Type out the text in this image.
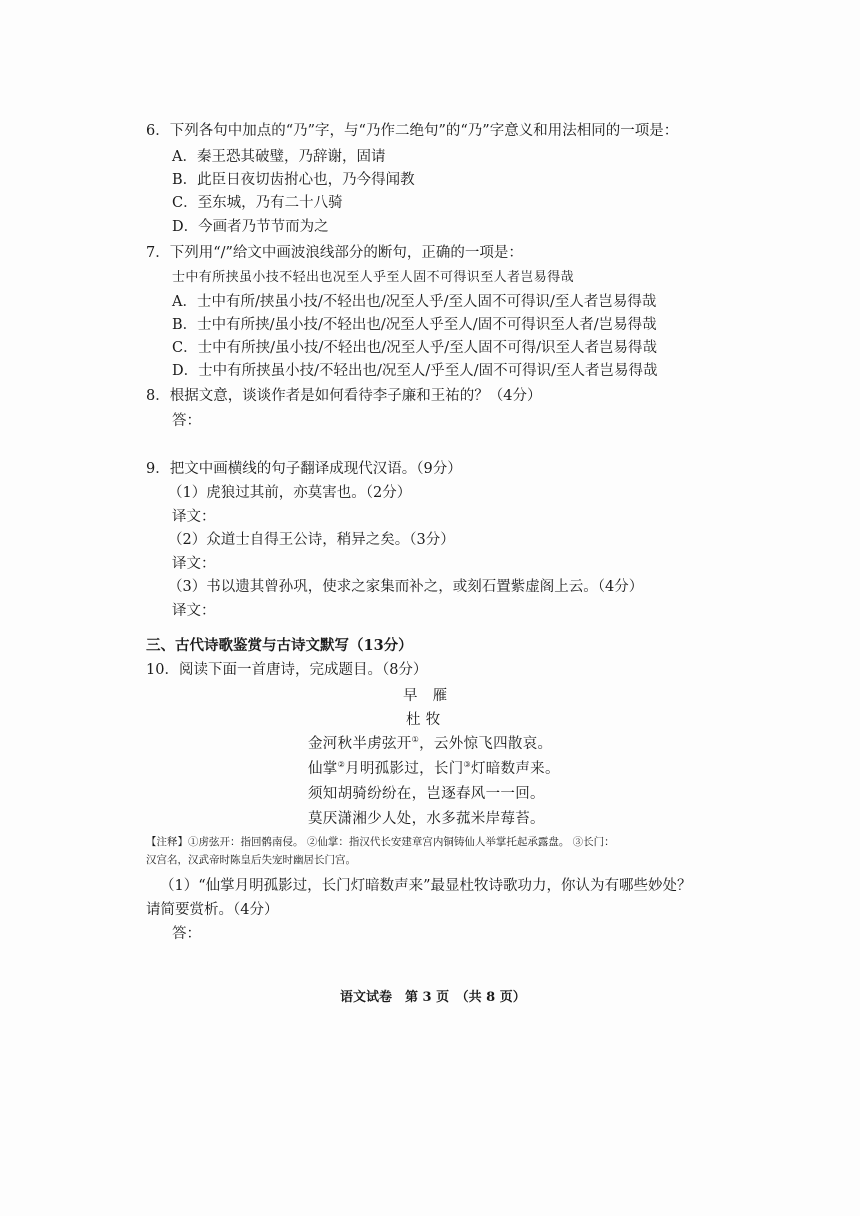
6．下列各句中加点的“乃”字，与“乃作二绝句”的“乃”字意义和用法相同的一项是：
A．秦王恐其破璧，乃辞谢，固请
B．此臣日夜切齿拊心也，乃今得闻教
C．至东城，乃有二十八骑
D．今画者乃节节而为之
7．下列用“/”给文中画波浪线部分的断句，正确的一项是：
士中有所挟虽小技不轻出也况至人乎至人固不可得识至人者岂易得哉
A．士中有所/挟虽小技/不轻出也/况至人乎/至人固不可得识/至人者岂易得哉
B．士中有所挟/虽小技/不轻出也/况至人乎至人/固不可得识至人者/岂易得哉
C．士中有所挟/虽小技/不轻出也/况至人乎/至人固不可得/识至人者岂易得哉
D．士中有所挟虽小技/不轻出也/况至人/乎至人/固不可得识/至人者岂易得哉
8．根据文意，谈谈作者是如何看待李子廉和王祐的？（4分）
答：
9．把文中画横线的句子翻译成现代汉语。（9分）
（1）虎狼过其前，亦莫害也。（2分）
译文：
（2）众道士自得王公诗，稍异之矣。（3分）
译文：
（3）书以遗其曾孙巩，使求之家集而补之，或刻石置紫虚阁上云。（4分）
译文：
三、古代诗歌鉴赏与古诗文默写（13分）
10．阅读下面一首唐诗，完成题目。（8分）
早　雁
杜 牧
金河秋半虏弦开①，云外惊飞四散哀。
仙掌②月明孤影过，长门③灯暗数声来。
须知胡骑纷纷在，岂逐春风一一回。
莫厌潇湘少人处，水多菰米岸莓苔。
【注释】①虏弦开：指回鹘南侵。 ②仙掌：指汉代长安建章宫内铜铸仙人举掌托起承露盘。 ③长门：
汉宫名，汉武帝时陈皇后失宠时幽居长门宫。
（1）“仙掌月明孤影过，长门灯暗数声来”最显杜牧诗歌功力，你认为有哪些妙处？
请简要赏析。（4分）
答：
语文试卷　第 3 页　（共 8 页）
